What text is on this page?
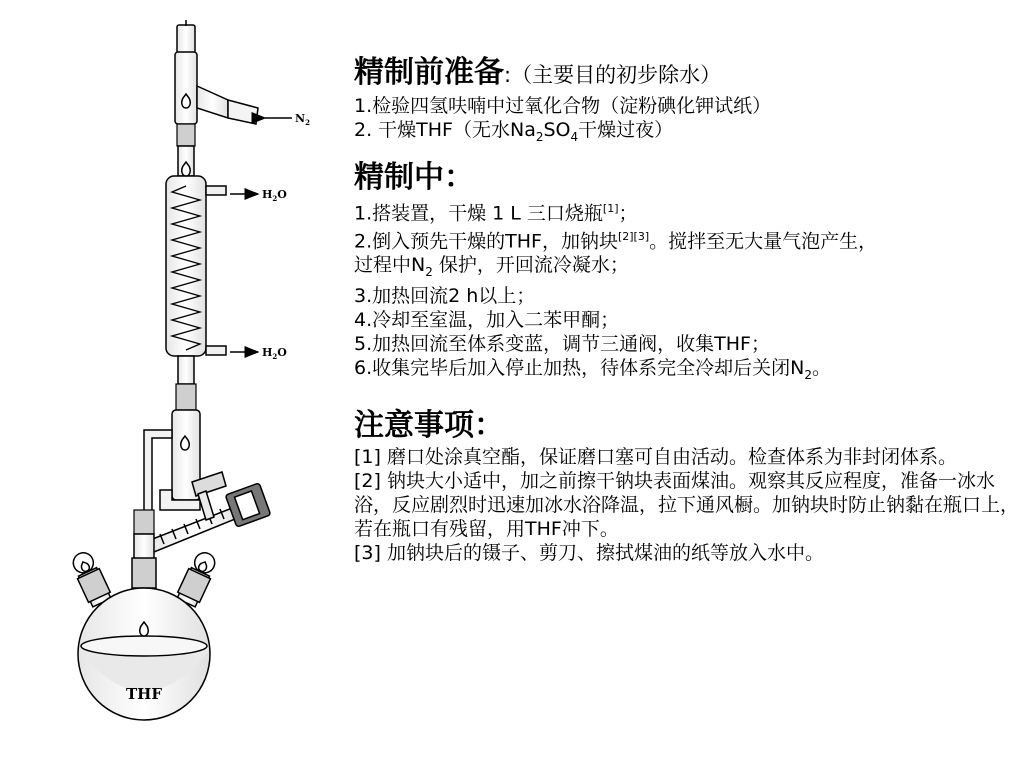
$N_2$
$H_2O$
$H_2O$
THF
精制前准备:（主要目的初步除水）
1.检验四氢呋喃中过氧化合物（淀粉碘化钾试纸）
2. 干燥THF（无水$Na_2SO_4$干燥过夜）
精制中：
1.搭装置，干燥 1 L 三口烧瓶[1]；
2.倒入预先干燥的THF，加钠块[2][3]。搅拌至无大量气泡产生，
过程中$N_2$ 保护，开回流冷凝水；
3.加热回流2 h以上；
4.冷却至室温，加入二苯甲酮；
5.加热回流至体系变蓝，调节三通阀，收集THF；
6.收集完毕后加入停止加热，待体系完全冷却后关闭$N_2$。
注意事项：
[1] 磨口处涂真空酯，保证磨口塞可自由活动。检查体系为非封闭体系。
[2] 钠块大小适中，加之前擦干钠块表面煤油。观察其反应程度，准备一冰水浴，反应剧烈时迅速加冰水浴降温，拉下通风橱。加钠块时防止钠黏在瓶口上，若在瓶口有残留，用THF冲下。
[3] 加钠块后的镊子、剪刀、擦拭煤油的纸等放入水中。
